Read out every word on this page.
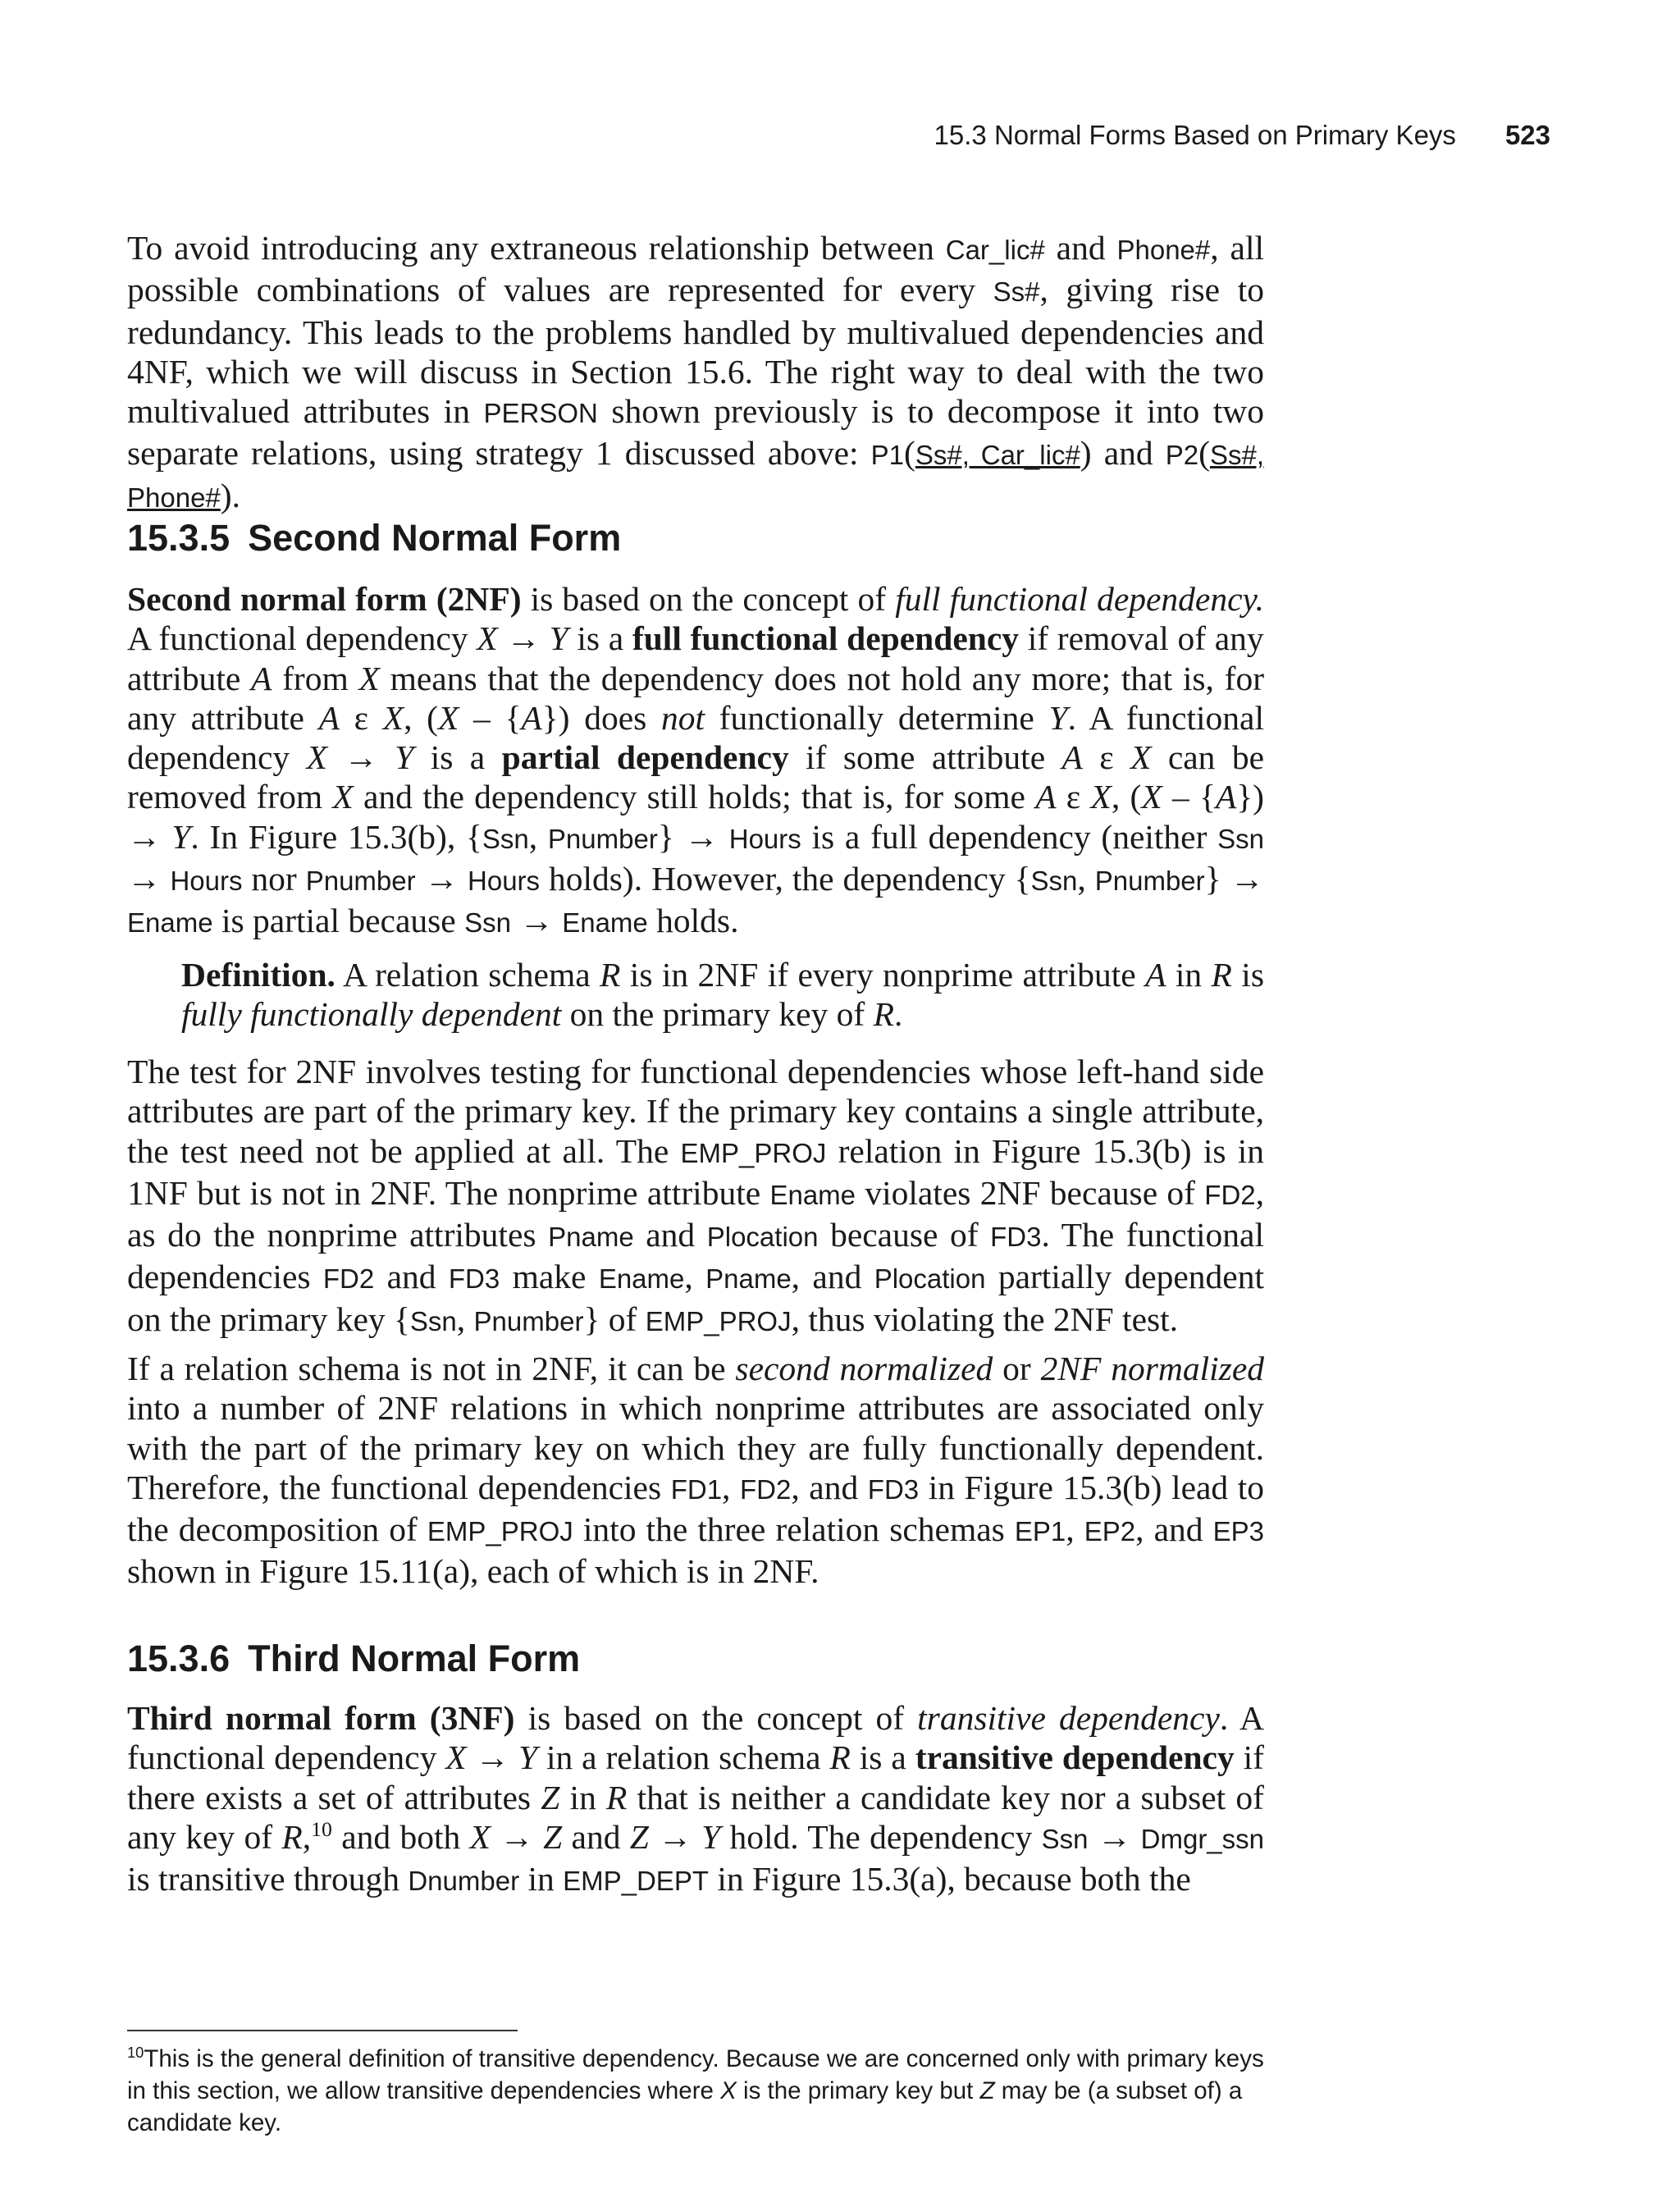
15.3 Normal Forms Based on Primary Keys 523

To avoid introducing any extraneous relationship between Car_lic# and Phone#, all possible combinations of values are represented for every Ss#, giving rise to redundancy. This leads to the problems handled by multivalued dependencies and 4NF, which we will discuss in Section 15.6. The right way to deal with the two multivalued attributes in PERSON shown previously is to decompose it into two separate relations, using strategy 1 discussed above: P1(Ss#, Car_lic#) and P2(Ss#, Phone#).

15.3.5 Second Normal Form

Second normal form (2NF) is based on the concept of full functional dependency. A functional dependency X → Y is a full functional dependency if removal of any attribute A from X means that the dependency does not hold any more; that is, for any attribute A ε X, (X – {A}) does not functionally determine Y. A functional dependency X → Y is a partial dependency if some attribute A ε X can be removed from X and the dependency still holds; that is, for some A ε X, (X – {A}) → Y. In Figure 15.3(b), {Ssn, Pnumber} → Hours is a full dependency (neither Ssn → Hours nor Pnumber → Hours holds). However, the dependency {Ssn, Pnumber} → Ename is partial because Ssn → Ename holds.

Definition. A relation schema R is in 2NF if every nonprime attribute A in R is fully functionally dependent on the primary key of R.

The test for 2NF involves testing for functional dependencies whose left-hand side attributes are part of the primary key. If the primary key contains a single attribute, the test need not be applied at all. The EMP_PROJ relation in Figure 15.3(b) is in 1NF but is not in 2NF. The nonprime attribute Ename violates 2NF because of FD2, as do the nonprime attributes Pname and Plocation because of FD3. The functional dependencies FD2 and FD3 make Ename, Pname, and Plocation partially dependent on the primary key {Ssn, Pnumber} of EMP_PROJ, thus violating the 2NF test.

If a relation schema is not in 2NF, it can be second normalized or 2NF normalized into a number of 2NF relations in which nonprime attributes are associated only with the part of the primary key on which they are fully functionally dependent. Therefore, the functional dependencies FD1, FD2, and FD3 in Figure 15.3(b) lead to the decomposition of EMP_PROJ into the three relation schemas EP1, EP2, and EP3 shown in Figure 15.11(a), each of which is in 2NF.

15.3.6 Third Normal Form

Third normal form (3NF) is based on the concept of transitive dependency. A functional dependency X → Y in a relation schema R is a transitive dependency if there exists a set of attributes Z in R that is neither a candidate key nor a subset of any key of R,$^{10}$ and both X → Z and Z → Y hold. The dependency Ssn → Dmgr_ssn is transitive through Dnumber in EMP_DEPT in Figure 15.3(a), because both the

$^{10}$This is the general definition of transitive dependency. Because we are concerned only with primary keys in this section, we allow transitive dependencies where X is the primary key but Z may be (a subset of) a candidate key.
